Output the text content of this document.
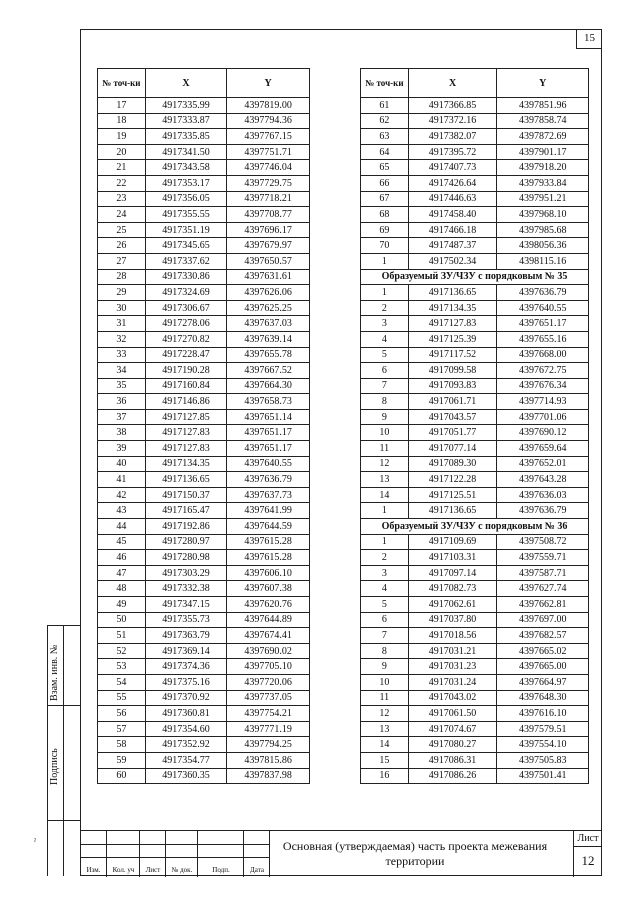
15
№ точ-ки	X	Y
17	4917335.99	4397819.00
18	4917333.87	4397794.36
19	4917335.85	4397767.15
20	4917341.50	4397751.71
21	4917343.58	4397746.04
22	4917353.17	4397729.75
23	4917356.05	4397718.21
24	4917355.55	4397708.77
25	4917351.19	4397696.17
26	4917345.65	4397679.97
27	4917337.62	4397650.57
28	4917330.86	4397631.61
29	4917324.69	4397626.06
30	4917306.67	4397625.25
31	4917278.06	4397637.03
32	4917270.82	4397639.14
33	4917228.47	4397655.78
34	4917190.28	4397667.52
35	4917160.84	4397664.30
36	4917146.86	4397658.73
37	4917127.85	4397651.14
38	4917127.83	4397651.17
39	4917127.83	4397651.17
40	4917134.35	4397640.55
41	4917136.65	4397636.79
42	4917150.37	4397637.73
43	4917165.47	4397641.99
44	4917192.86	4397644.59
45	4917280.97	4397615.28
46	4917280.98	4397615.28
47	4917303.29	4397606.10
48	4917332.38	4397607.38
49	4917347.15	4397620.76
50	4917355.73	4397644.89
51	4917363.79	4397674.41
52	4917369.14	4397690.02
53	4917374.36	4397705.10
54	4917375.16	4397720.06
55	4917370.92	4397737.05
56	4917360.81	4397754.21
57	4917354.60	4397771.19
58	4917352.92	4397794.25
59	4917354.77	4397815.86
60	4917360.35	4397837.98
№ точ-ки	X	Y
61	4917366.85	4397851.96
62	4917372.16	4397858.74
63	4917382.07	4397872.69
64	4917395.72	4397901.17
65	4917407.73	4397918.20
66	4917426.64	4397933.84
67	4917446.63	4397951.21
68	4917458.40	4397968.10
69	4917466.18	4397985.68
70	4917487.37	4398056.36
1	4917502.34	4398115.16
Образуемый ЗУ/ЧЗУ с порядковым № 35		
1	4917136.65	4397636.79
2	4917134.35	4397640.55
3	4917127.83	4397651.17
4	4917125.39	4397655.16
5	4917117.52	4397668.00
6	4917099.58	4397672.75
7	4917093.83	4397676.34
8	4917061.71	4397714.93
9	4917043.57	4397701.06
10	4917051.77	4397690.12
11	4917077.14	4397659.64
12	4917089.30	4397652.01
13	4917122.28	4397643.28
14	4917125.51	4397636.03
1	4917136.65	4397636.79
Образуемый ЗУ/ЧЗУ с порядковым № 36		
1	4917109.69	4397508.72
2	4917103.31	4397559.71
3	4917097.14	4397587.71
4	4917082.73	4397627.74
5	4917062.61	4397662.81
6	4917037.80	4397697.00
7	4917018.56	4397682.57
8	4917031.21	4397665.02
9	4917031.23	4397665.00
10	4917031.24	4397664.97
11	4917043.02	4397648.30
12	4917061.50	4397616.10
13	4917074.67	4397579.51
14	4917080.27	4397554.10
15	4917086.31	4397505.83
16	4917086.26	4397501.41
Взам. инв. №
Подпись
Изм.	Кол. уч	Лист	№ док.	Подп.	Дата
Основная (утверждаемая) часть проекта межевания территории
Лист
12
ˀ
